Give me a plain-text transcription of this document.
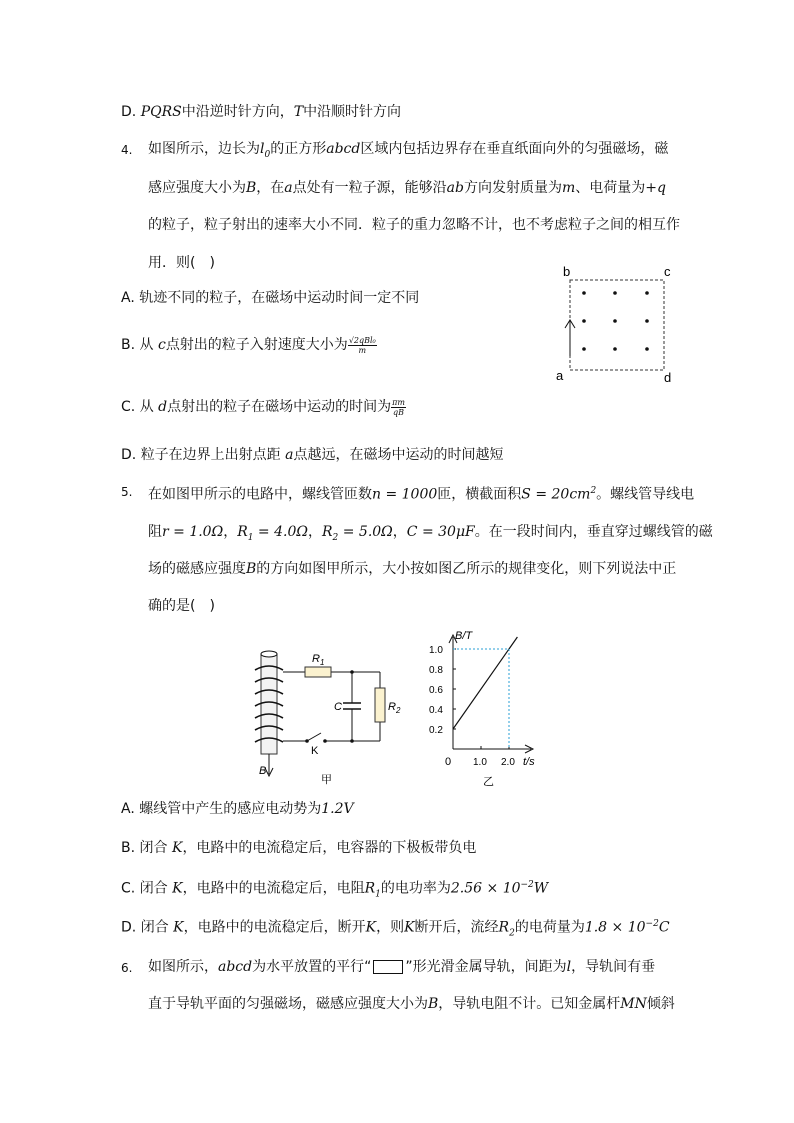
D. PQRS中沿逆时针方向，T中沿顺时针方向
4. 如图所示，边长为$l_0$的正方形abcd区域内包括边界存在垂直纸面向外的匀强磁场，磁
感应强度大小为B，在a点处有一粒子源，能够沿ab方向发射质量为m、电荷量为+q
的粒子，粒子射出的速率大小不同．粒子的重力忽略不计，也不考虑粒子之间的相互作
用．则(　)
A. 轨迹不同的粒子，在磁场中运动时间一定不同
B. 从 c点射出的粒子入射速度大小为 $\frac{\text{√2qBl₀}}{m}$
C. 从 d点射出的粒子在磁场中运动的时间为 $\frac{\pi m}{qB}$
D. 粒子在边界上出射点距 a点越远，在磁场中运动的时间越短
b	c
a	d
5. 在如图甲所示的电路中，螺线管匝数n = 1000匝，横截面积$S = 20cm^2$。螺线管导线电
阻r = 1.0Ω，$R_1 = 4.0\Omega$，$R_2 = 5.0\Omega$，C = 30μF。在一段时间内，垂直穿过螺线管的磁
场的磁感应强度B的方向如图甲所示，大小按如图乙所示的规律变化，则下列说法中正
确的是(　)
$R_1$
$R_2$
C
K
B
甲
1.0
0.8
0.6
0.4
0.2
1.0 2.0
B/T
t/s
0
乙
A. 螺线管中产生的感应电动势为1.2V
B. 闭合 K，电路中的电流稳定后，电容器的下极板带负电
C. 闭合 K，电路中的电流稳定后，电阻$R_1$的电功率为$2.56 \times 10^{-2}W$
D. 闭合 K，电路中的电流稳定后，断开K，则K断开后，流经$R_2$的电荷量为$1.8 \times 10^{-2}C$
6. 如图所示，abcd为水平放置的平行“ ”形光滑金属导轨，间距为l，导轨间有垂
直于导轨平面的匀强磁场，磁感应强度大小为B，导轨电阻不计。已知金属杆MN倾斜
